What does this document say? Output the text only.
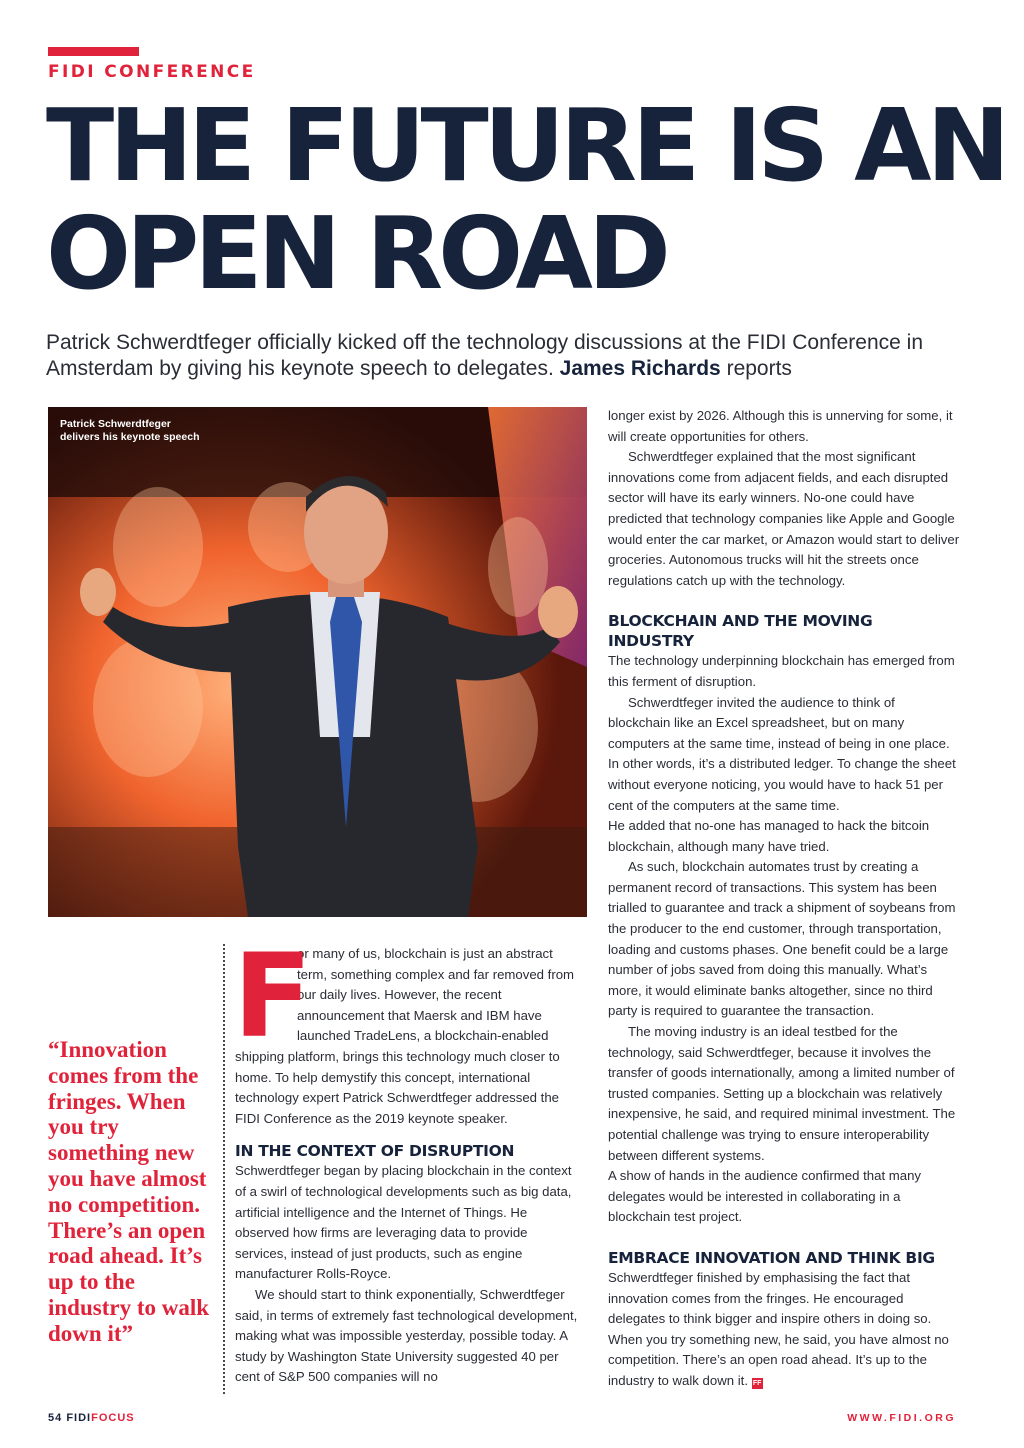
FIDI CONFERENCE
THE FUTURE IS AN
OPEN ROAD

Patrick Schwerdtfeger officially kicked off the technology discussions at the FIDI Conference in Amsterdam by giving his keynote speech to delegates. James Richards reports

Patrick Schwerdtfeger
delivers his keynote speech
“Innovation comes from the fringes. When you try something new you have almost no competition. There’s an open road ahead. It’s up to the industry to walk down it”
F

or many of us, blockchain is just an abstract term, something complex and far removed from our daily lives. However, the recent announcement that Maersk and IBM have launched TradeLens, a blockchain-enabled shipping platform, brings this technology much closer to home. To help demystify this concept, international technology expert Patrick Schwerdtfeger addressed the FIDI Conference as the 2019 keynote speaker.

IN THE CONTEXT OF DISRUPTION

Schwerdtfeger began by placing blockchain in the context of a swirl of technological developments such as big data, artificial intelligence and the Internet of Things. He observed how firms are leveraging data to provide services, instead of just products, such as engine manufacturer Rolls-Royce.

We should start to think exponentially, Schwerdtfeger said, in terms of extremely fast technological development, making what was impossible yesterday, possible today. A study by Washington State University suggested 40 per cent of S&P 500 companies will no

longer exist by 2026. Although this is unnerving for some, it will create opportunities for others.

Schwerdtfeger explained that the most significant innovations come from adjacent fields, and each disrupted sector will have its early winners. No-one could have predicted that technology companies like Apple and Google would enter the car market, or Amazon would start to deliver groceries. Autonomous trucks will hit the streets once regulations catch up with the technology.

BLOCKCHAIN AND THE MOVING INDUSTRY

The technology underpinning blockchain has emerged from this ferment of disruption.

Schwerdtfeger invited the audience to think of blockchain like an Excel spreadsheet, but on many computers at the same time, instead of being in one place. In other words, it’s a distributed ledger. To change the sheet without everyone noticing, you would have to hack 51 per cent of the computers at the same time.

He added that no-one has managed to hack the bitcoin blockchain, although many have tried.

As such, blockchain automates trust by creating a permanent record of transactions. This system has been trialled to guarantee and track a shipment of soybeans from the producer to the end customer, through transportation, loading and customs phases. One benefit could be a large number of jobs saved from doing this manually. What’s more, it would eliminate banks altogether, since no third party is required to guarantee the transaction.

The moving industry is an ideal testbed for the technology, said Schwerdtfeger, because it involves the transfer of goods internationally, among a limited number of trusted companies. Setting up a blockchain was relatively inexpensive, he said, and required minimal investment. The potential challenge was trying to ensure interoperability between different systems.

A show of hands in the audience confirmed that many delegates would be interested in collaborating in a blockchain test project.

EMBRACE INNOVATION AND THINK BIG

Schwerdtfeger finished by emphasising the fact that innovation comes from the fringes. He encouraged delegates to think bigger and inspire others in doing so. When you try something new, he said, you have almost no competition. There’s an open road ahead. It’s up to the industry to walk down it. FF

54 FIDIFOCUS	WWW.FIDI.ORG
